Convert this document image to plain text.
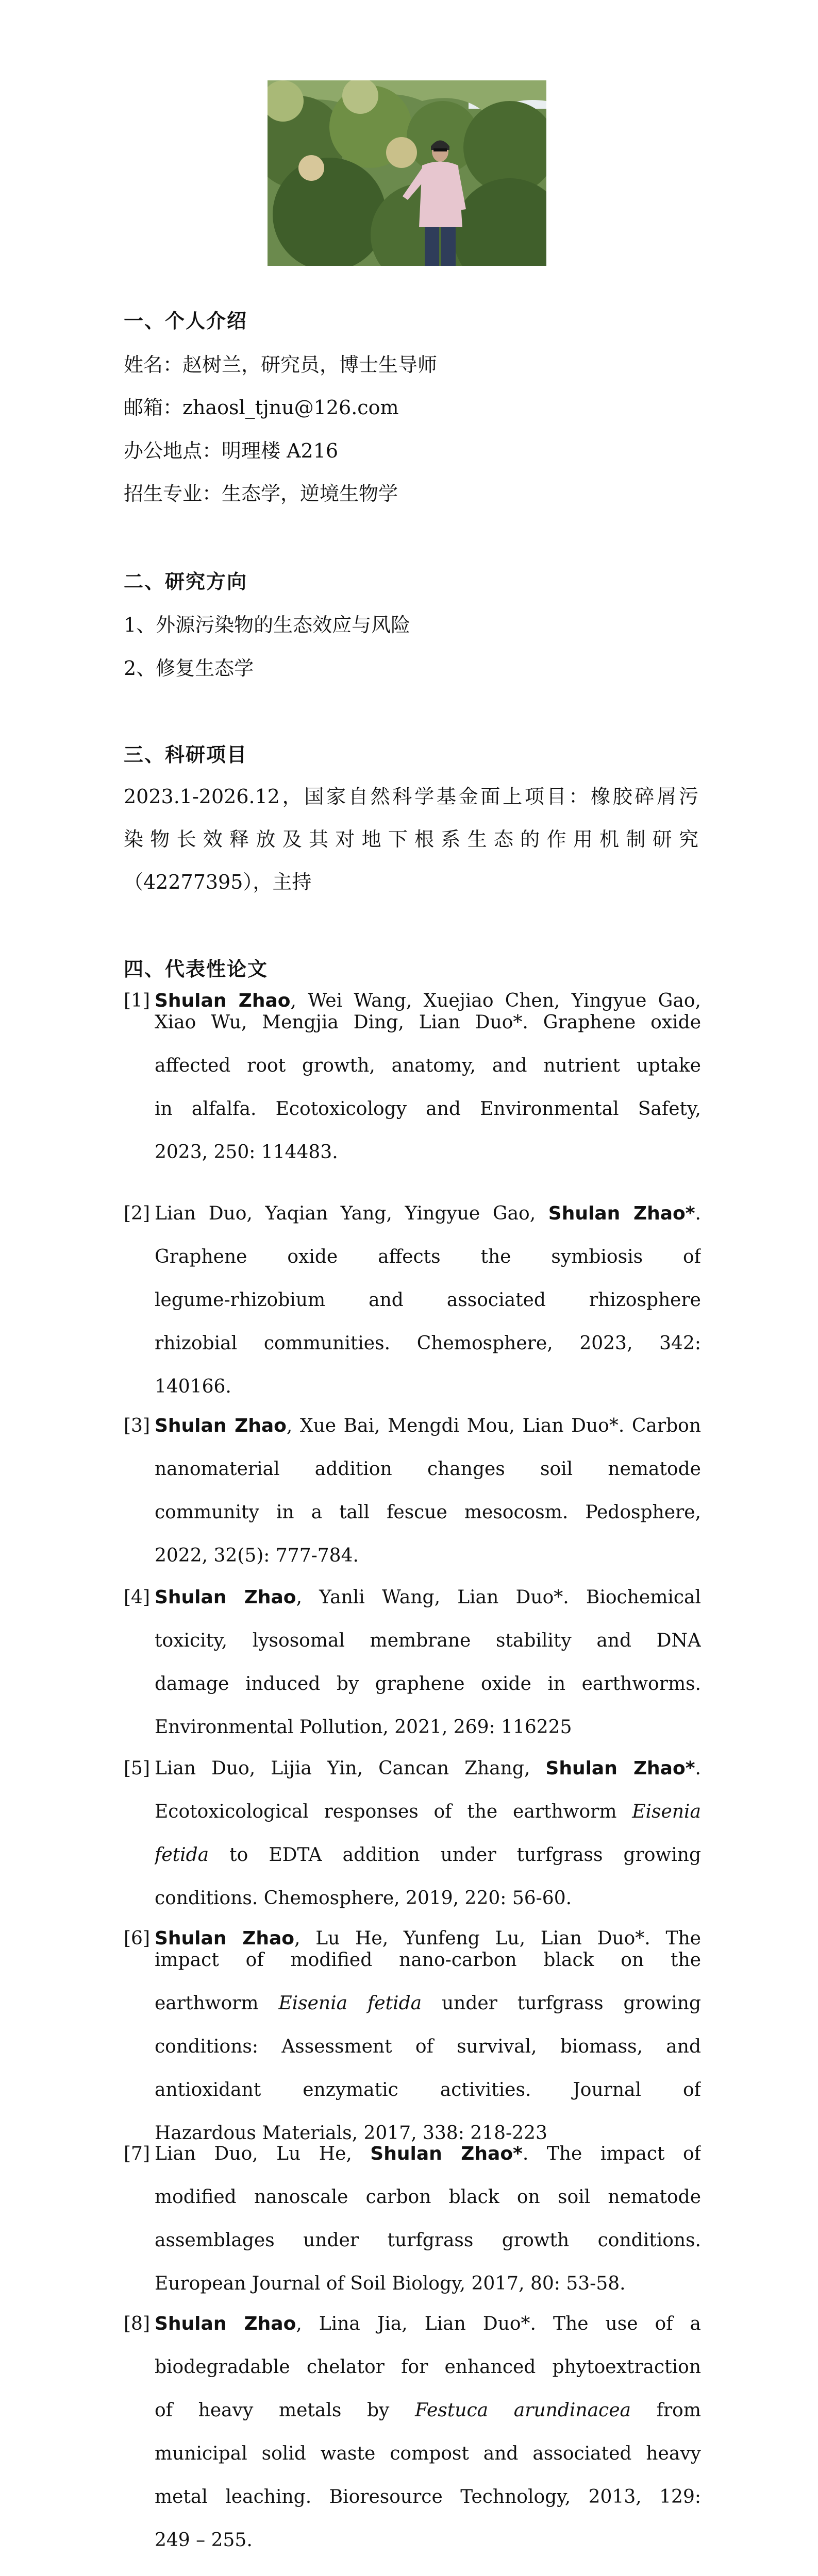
一、个人介绍
姓名：赵树兰，研究员，博士生导师
邮箱：zhaosl_tjnu@126.com
办公地点：明理楼 A216
招生专业：生态学，逆境生物学
二、研究方向
1、外源污染物的生态效应与风险
2、修复生态学
三、科研项目
2023.1-2026.12，国家自然科学基金面上项目：橡胶碎屑污
染物长效释放及其对地下根系生态的作用机制研究
（42277395），主持
四、代表性论文
[1] Shulan Zhao, Wei Wang, Xuejiao Chen, Yingyue Gao,
Xiao Wu, Mengjia Ding, Lian Duo*. Graphene oxide
affected root growth, anatomy, and nutrient uptake
in alfalfa. Ecotoxicology and Environmental Safety,
2023, 250: 114483.
[2] Lian Duo, Yaqian Yang, Yingyue Gao, Shulan Zhao*.
Graphene oxide affects the symbiosis of
legume-rhizobium and associated rhizosphere
rhizobial communities. Chemosphere, 2023, 342:
140166.
[3] Shulan Zhao, Xue Bai, Mengdi Mou, Lian Duo*. Carbon
nanomaterial addition changes soil nematode
community in a tall fescue mesocosm. Pedosphere,
2022, 32(5): 777-784.
[4] Shulan Zhao, Yanli Wang, Lian Duo*. Biochemical
toxicity, lysosomal membrane stability and DNA
damage induced by graphene oxide in earthworms.
Environmental Pollution, 2021, 269: 116225
[5] Lian Duo, Lijia Yin, Cancan Zhang, Shulan Zhao*.
Ecotoxicological responses of the earthworm Eisenia
fetida to EDTA addition under turfgrass growing
conditions. Chemosphere, 2019, 220: 56-60.
[6] Shulan Zhao, Lu He, Yunfeng Lu, Lian Duo*. The
impact of modified nano-carbon black on the
earthworm Eisenia fetida under turfgrass growing
conditions: Assessment of survival, biomass, and
antioxidant enzymatic activities. Journal of
Hazardous Materials, 2017, 338: 218-223
[7] Lian Duo, Lu He, Shulan Zhao*. The impact of
modified nanoscale carbon black on soil nematode
assemblages under turfgrass growth conditions.
European Journal of Soil Biology, 2017, 80: 53-58.
[8] Shulan Zhao, Lina Jia, Lian Duo*. The use of a
biodegradable chelator for enhanced phytoextraction
of heavy metals by Festuca arundinacea from
municipal solid waste compost and associated heavy
metal leaching. Bioresource Technology, 2013, 129:
249 – 255.
